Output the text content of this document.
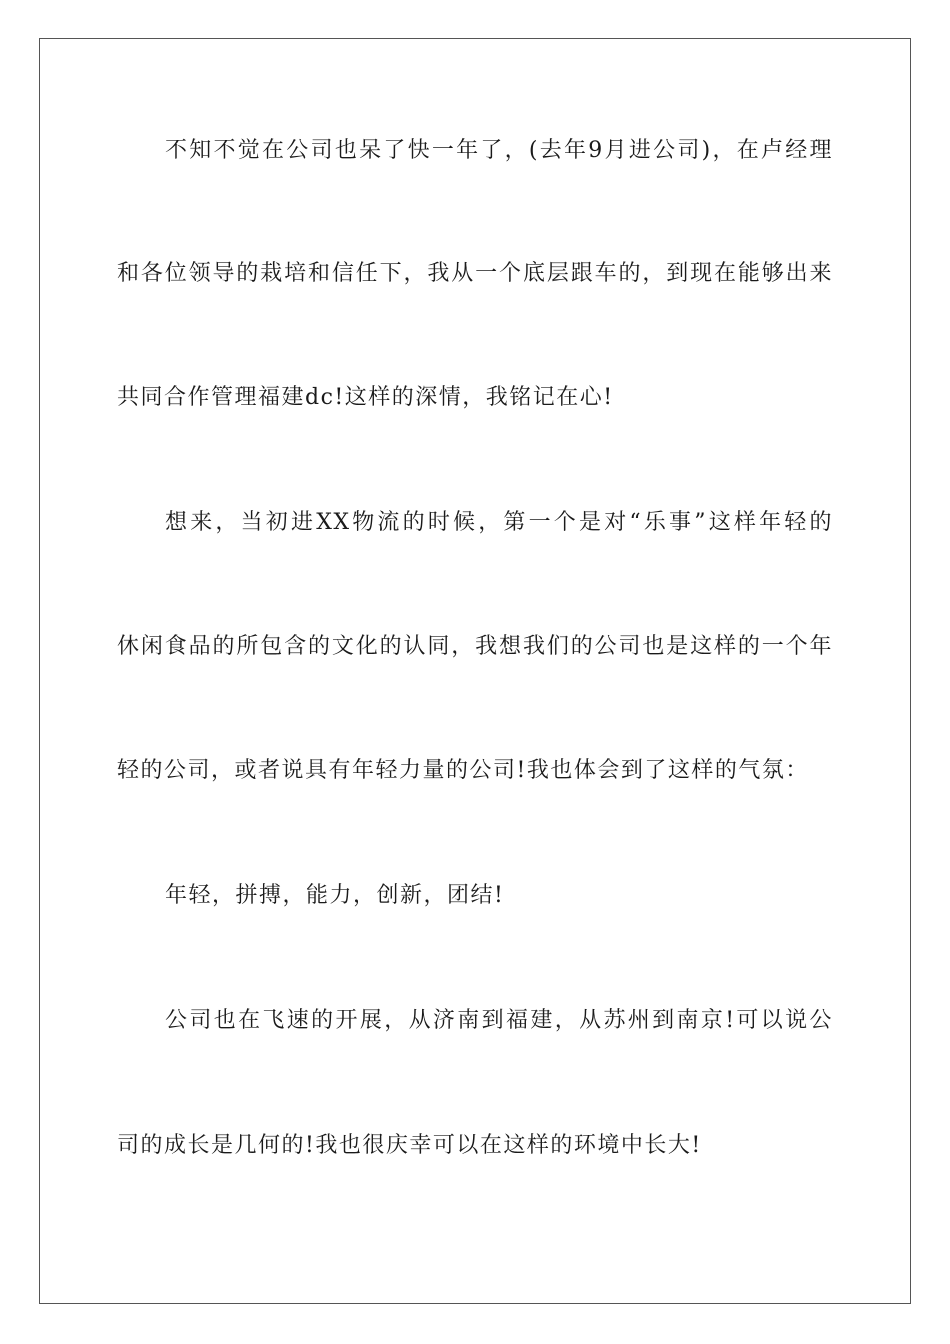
不知不觉在公司也呆了快一年了，(去年9月进公司)，在卢经理
和各位领导的栽培和信任下，我从一个底层跟车的，到现在能够出来
共同合作管理福建dc!这样的深情，我铭记在心!
想来，当初进XX物流的时候，第一个是对“乐事”这样年轻的
休闲食品的所包含的文化的认同，我想我们的公司也是这样的一个年
轻的公司，或者说具有年轻力量的公司!我也体会到了这样的气氛：
年轻，拼搏，能力，创新，团结!
公司也在飞速的开展，从济南到福建，从苏州到南京!可以说公
司的成长是几何的!我也很庆幸可以在这样的环境中长大!
